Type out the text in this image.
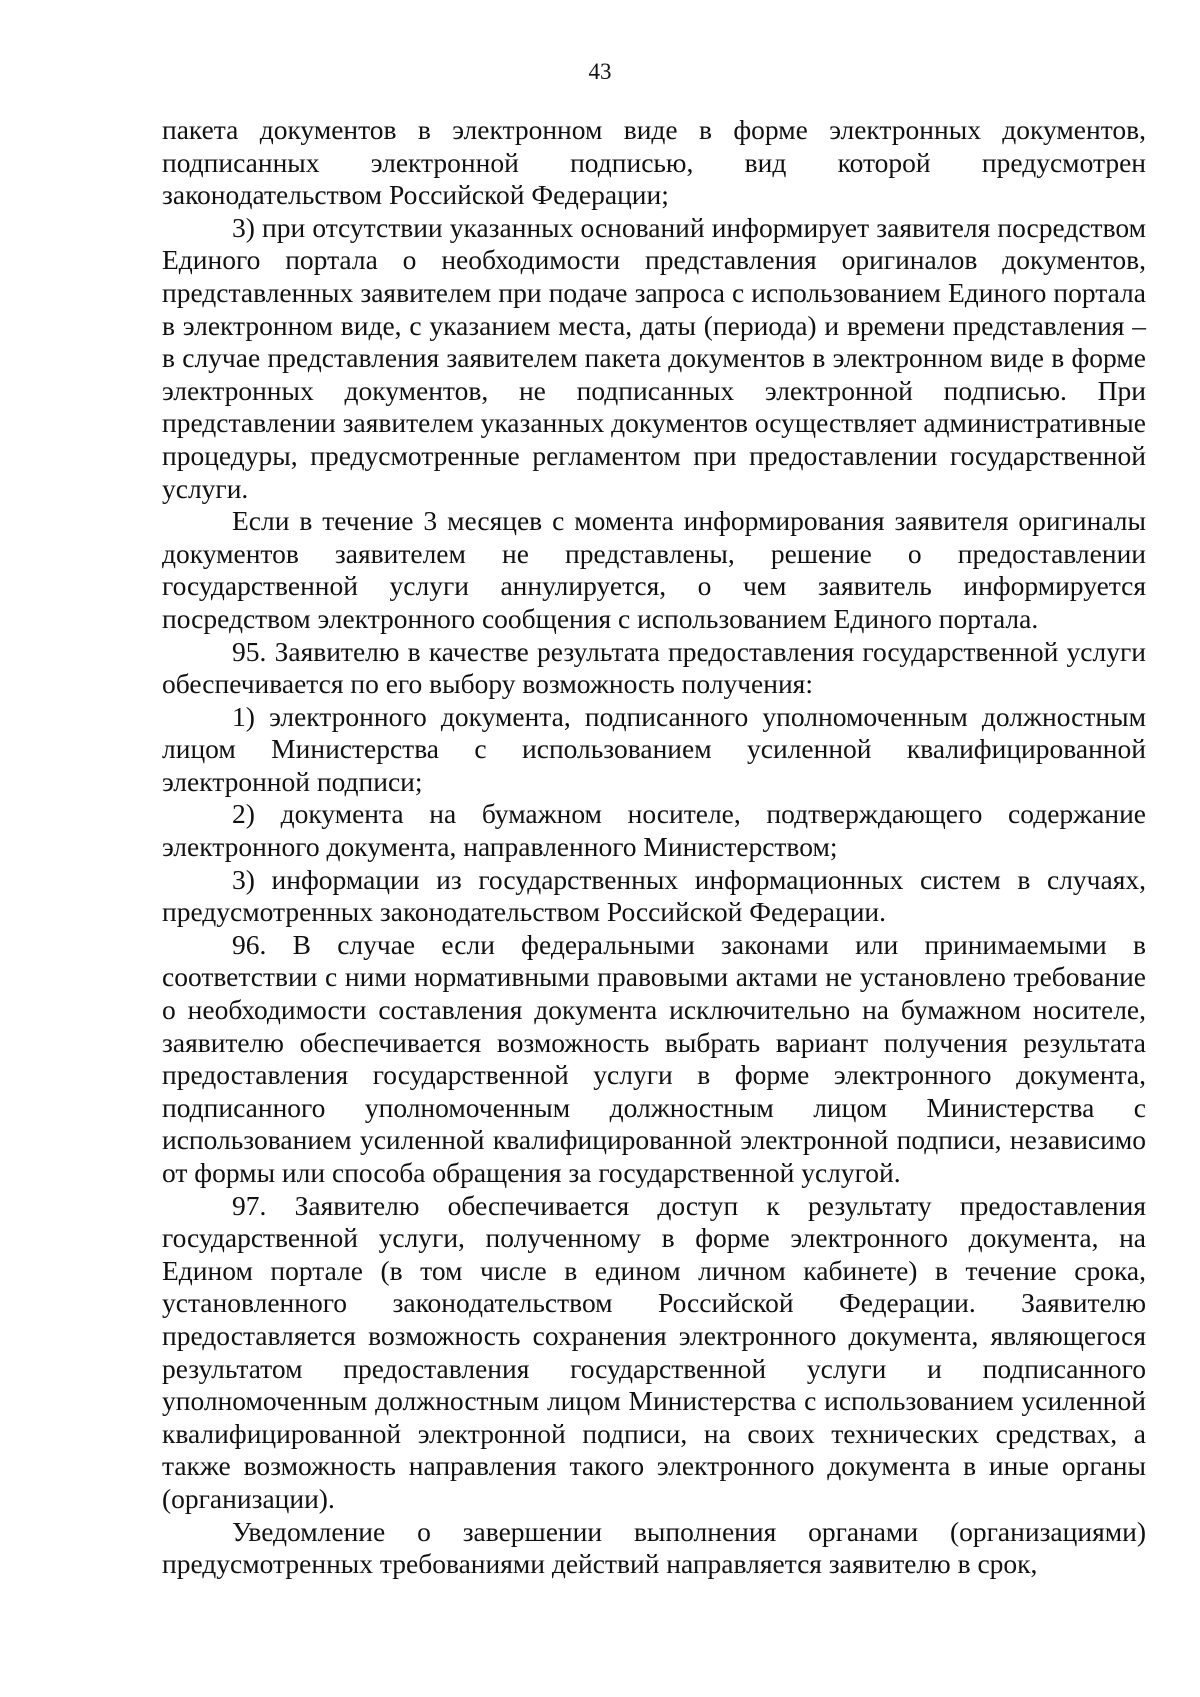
43

пакета документов в электронном виде в форме электронных документов, подписанных электронной подписью, вид которой предусмотрен законодательством Российской Федерации;

3) при отсутствии указанных оснований информирует заявителя посредством Единого портала о необходимости представления оригиналов документов, представленных заявителем при подаче запроса с использованием Единого портала в электронном виде, с указанием места, даты (периода) и времени представления – в случае представления заявителем пакета документов в электронном виде в форме электронных документов, не подписанных электронной подписью. При представлении заявителем указанных документов осуществляет административные процедуры, предусмотренные регламентом при предоставлении государственной услуги.

Если в течение 3 месяцев с момента информирования заявителя оригиналы документов заявителем не представлены, решение о предоставлении государственной услуги аннулируется, о чем заявитель информируется посредством электронного сообщения с использованием Единого портала.

95. Заявителю в качестве результата предоставления государственной услуги обеспечивается по его выбору возможность получения:

1) электронного документа, подписанного уполномоченным должностным лицом Министерства с использованием усиленной квалифицированной электронной подписи;

2) документа на бумажном носителе, подтверждающего содержание электронного документа, направленного Министерством;

3) информации из государственных информационных систем в случаях, предусмотренных законодательством Российской Федерации.

96. В случае если федеральными законами или принимаемыми в соответствии с ними нормативными правовыми актами не установлено требование о необходимости составления документа исключительно на бумажном носителе, заявителю обеспечивается возможность выбрать вариант получения результата предоставления государственной услуги в форме электронного документа, подписанного уполномоченным должностным лицом Министерства с использованием усиленной квалифицированной электронной подписи, независимо от формы или способа обращения за государственной услугой.

97. Заявителю обеспечивается доступ к результату предоставления государственной услуги, полученному в форме электронного документа, на Едином портале (в том числе в едином личном кабинете) в течение срока, установленного законодательством Российской Федерации. Заявителю предоставляется возможность сохранения электронного документа, являющегося результатом предоставления государственной услуги и подписанного уполномоченным должностным лицом Министерства с использованием усиленной квалифицированной электронной подписи, на своих технических средствах, а также возможность направления такого электронного документа в иные органы (организации).

Уведомление о завершении выполнения органами (организациями) предусмотренных требованиями действий направляется заявителю в срок,
